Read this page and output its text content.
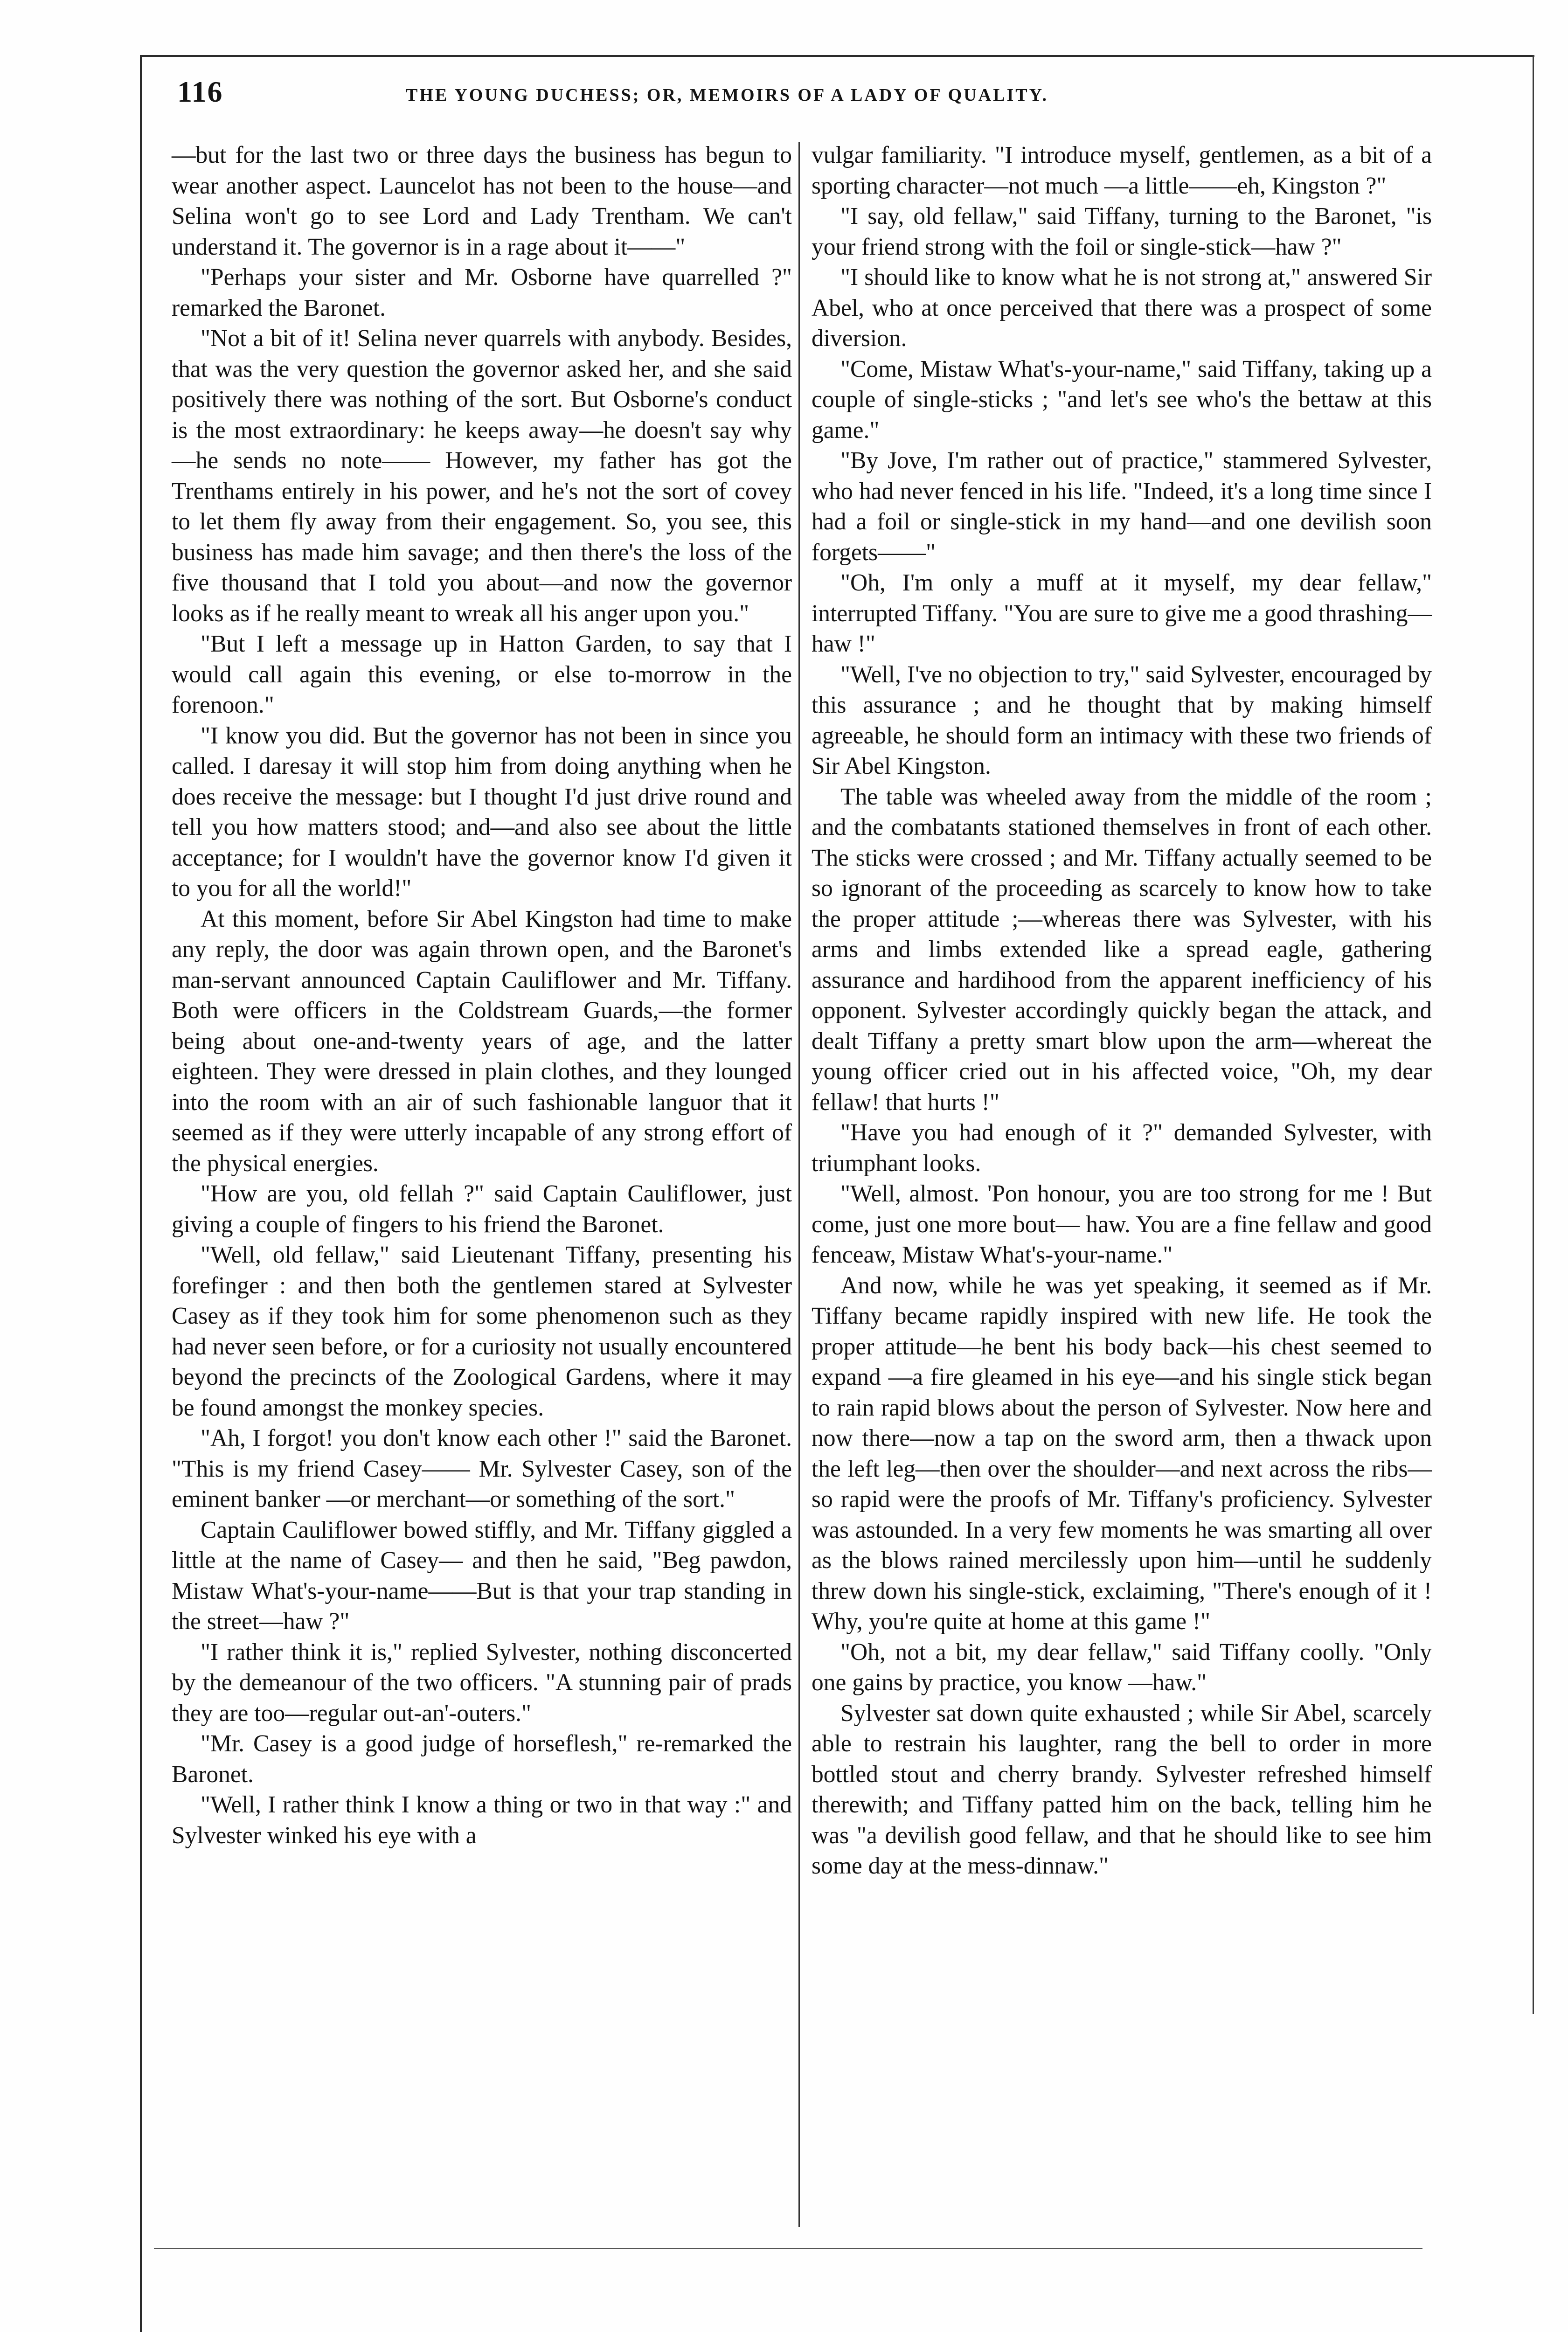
116	THE YOUNG DUCHESS; OR, MEMOIRS OF A LADY OF QUALITY.

—but for the last two or three days the business has begun to wear another aspect. Launcelot has not been to the house—and Selina won't go to see Lord and Lady Trentham. We can't understand it. The governor is in a rage about it——"

"Perhaps your sister and Mr. Osborne have quarrelled ?" remarked the Baronet.

"Not a bit of it! Selina never quarrels with anybody. Besides, that was the very question the governor asked her, and she said positively there was nothing of the sort. But Osborne's conduct is the most extraordinary: he keeps away—he doesn't say why—he sends no note—— However, my father has got the Trenthams entirely in his power, and he's not the sort of covey to let them fly away from their engagement. So, you see, this business has made him savage; and then there's the loss of the five thousand that I told you about—and now the governor looks as if he really meant to wreak all his anger upon you."

"But I left a message up in Hatton Garden, to say that I would call again this evening, or else to-morrow in the forenoon."

"I know you did. But the governor has not been in since you called. I daresay it will stop him from doing anything when he does receive the message: but I thought I'd just drive round and tell you how matters stood; and—and also see about the little acceptance; for I wouldn't have the governor know I'd given it to you for all the world!"

At this moment, before Sir Abel Kingston had time to make any reply, the door was again thrown open, and the Baronet's man-servant announced Captain Cauliflower and Mr. Tiffany. Both were officers in the Coldstream Guards,—the former being about one-and-twenty years of age, and the latter eighteen. They were dressed in plain clothes, and they lounged into the room with an air of such fashionable languor that it seemed as if they were utterly incapable of any strong effort of the physical energies.

"How are you, old fellah ?" said Captain Cauliflower, just giving a couple of fingers to his friend the Baronet.

"Well, old fellaw," said Lieutenant Tiffany, presenting his forefinger : and then both the gentlemen stared at Sylvester Casey as if they took him for some phenomenon such as they had never seen before, or for a curiosity not usually encountered beyond the precincts of the Zoological Gardens, where it may be found amongst the monkey species.

"Ah, I forgot! you don't know each other !" said the Baronet. "This is my friend Casey—— Mr. Sylvester Casey, son of the eminent banker —or merchant—or something of the sort."

Captain Cauliflower bowed stiffly, and Mr. Tiffany giggled a little at the name of Casey— and then he said, "Beg pawdon, Mistaw What's-your-name——But is that your trap standing in the street—haw ?"

"I rather think it is," replied Sylvester, nothing disconcerted by the demeanour of the two officers. "A stunning pair of prads they are too—regular out-an'-outers."

"Mr. Casey is a good judge of horseflesh," re-remarked the Baronet.

"Well, I rather think I know a thing or two in that way :" and Sylvester winked his eye with a

vulgar familiarity. "I introduce myself, gentlemen, as a bit of a sporting character—not much —a little——eh, Kingston ?"

"I say, old fellaw," said Tiffany, turning to the Baronet, "is your friend strong with the foil or single-stick—haw ?"

"I should like to know what he is not strong at," answered Sir Abel, who at once perceived that there was a prospect of some diversion.

"Come, Mistaw What's-your-name," said Tiffany, taking up a couple of single-sticks ; "and let's see who's the bettaw at this game."

"By Jove, I'm rather out of practice," stammered Sylvester, who had never fenced in his life. "Indeed, it's a long time since I had a foil or single-stick in my hand—and one devilish soon forgets——"

"Oh, I'm only a muff at it myself, my dear fellaw," interrupted Tiffany. "You are sure to give me a good thrashing—haw !"

"Well, I've no objection to try," said Sylvester, encouraged by this assurance ; and he thought that by making himself agreeable, he should form an intimacy with these two friends of Sir Abel Kingston.

The table was wheeled away from the middle of the room ; and the combatants stationed themselves in front of each other. The sticks were crossed ; and Mr. Tiffany actually seemed to be so ignorant of the proceeding as scarcely to know how to take the proper attitude ;—whereas there was Sylvester, with his arms and limbs extended like a spread eagle, gathering assurance and hardihood from the apparent inefficiency of his opponent. Sylvester accordingly quickly began the attack, and dealt Tiffany a pretty smart blow upon the arm—whereat the young officer cried out in his affected voice, "Oh, my dear fellaw! that hurts !"

"Have you had enough of it ?" demanded Sylvester, with triumphant looks.

"Well, almost. 'Pon honour, you are too strong for me ! But come, just one more bout— haw. You are a fine fellaw and good fenceaw, Mistaw What's-your-name."

And now, while he was yet speaking, it seemed as if Mr. Tiffany became rapidly inspired with new life. He took the proper attitude—he bent his body back—his chest seemed to expand —a fire gleamed in his eye—and his single stick began to rain rapid blows about the person of Sylvester. Now here and now there—now a tap on the sword arm, then a thwack upon the left leg—then over the shoulder—and next across the ribs—so rapid were the proofs of Mr. Tiffany's proficiency. Sylvester was astounded. In a very few moments he was smarting all over as the blows rained mercilessly upon him—until he suddenly threw down his single-stick, exclaiming, "There's enough of it ! Why, you're quite at home at this game !"

"Oh, not a bit, my dear fellaw," said Tiffany coolly. "Only one gains by practice, you know —haw."

Sylvester sat down quite exhausted ; while Sir Abel, scarcely able to restrain his laughter, rang the bell to order in more bottled stout and cherry brandy. Sylvester refreshed himself therewith; and Tiffany patted him on the back, telling him he was "a devilish good fellaw, and that he should like to see him some day at the mess-dinnaw."
